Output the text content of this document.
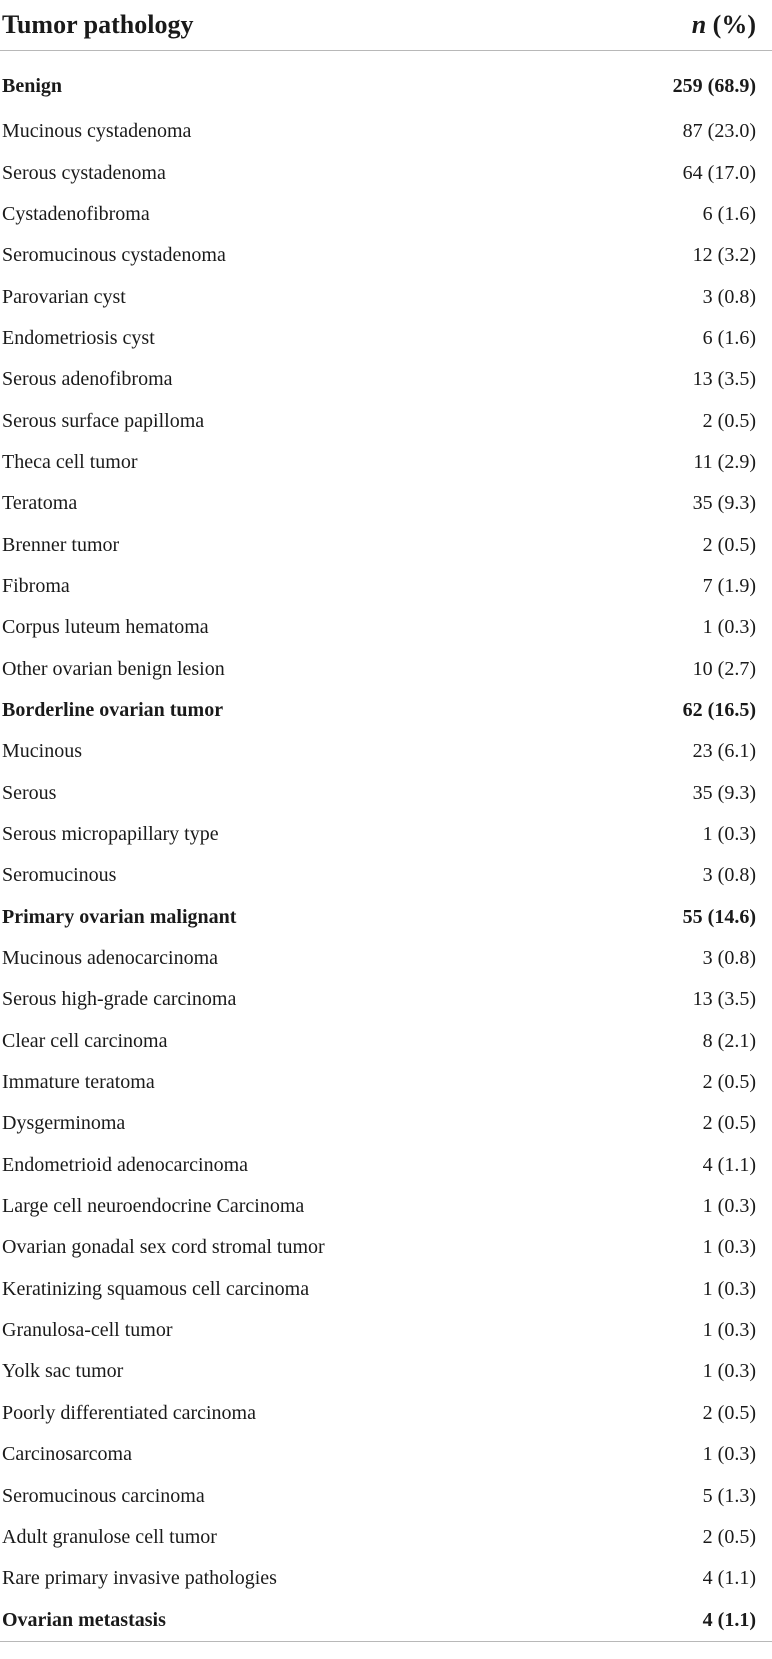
Tumor pathology	n (%)
Benign	259 (68.9)
Mucinous cystadenoma	87 (23.0)
Serous cystadenoma	64 (17.0)
Cystadenofibroma	6 (1.6)
Seromucinous cystadenoma	12 (3.2)
Parovarian cyst	3 (0.8)
Endometriosis cyst	6 (1.6)
Serous adenofibroma	13 (3.5)
Serous surface papilloma	2 (0.5)
Theca cell tumor	11 (2.9)
Teratoma	35 (9.3)
Brenner tumor	2 (0.5)
Fibroma	7 (1.9)
Corpus luteum hematoma	1 (0.3)
Other ovarian benign lesion	10 (2.7)
Borderline ovarian tumor	62 (16.5)
Mucinous	23 (6.1)
Serous	35 (9.3)
Serous micropapillary type	1 (0.3)
Seromucinous	3 (0.8)
Primary ovarian malignant	55 (14.6)
Mucinous adenocarcinoma	3 (0.8)
Serous high-grade carcinoma	13 (3.5)
Clear cell carcinoma	8 (2.1)
Immature teratoma	2 (0.5)
Dysgerminoma	2 (0.5)
Endometrioid adenocarcinoma	4 (1.1)
Large cell neuroendocrine Carcinoma	1 (0.3)
Ovarian gonadal sex cord stromal tumor	1 (0.3)
Keratinizing squamous cell carcinoma	1 (0.3)
Granulosa-cell tumor	1 (0.3)
Yolk sac tumor	1 (0.3)
Poorly differentiated carcinoma	2 (0.5)
Carcinosarcoma	1 (0.3)
Seromucinous carcinoma	5 (1.3)
Adult granulose cell tumor	2 (0.5)
Rare primary invasive pathologies	4 (1.1)
Ovarian metastasis	4 (1.1)
